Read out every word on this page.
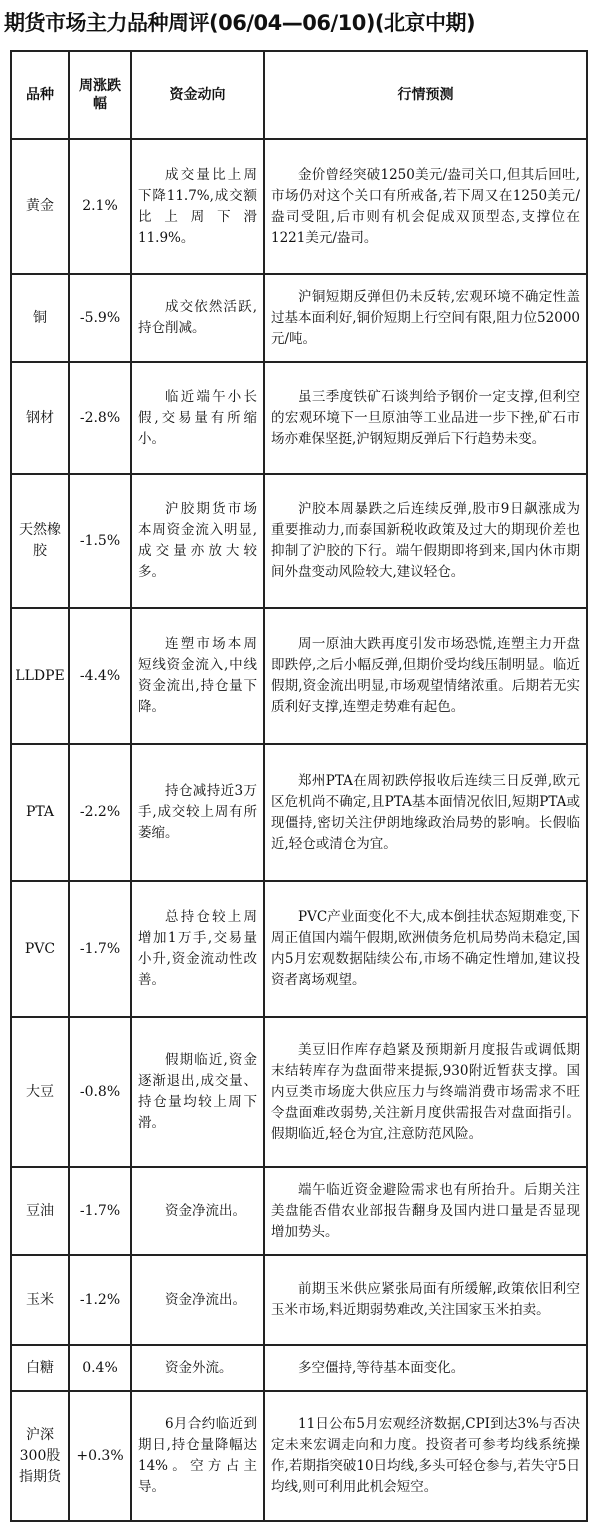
期货市场主力品种周评(06/04—06/10)(北京中期)
品种	周涨跌幅	资金动向	行情预测
黄金	2.1%	成交量比上周下降11.7%,成交额比上周下滑11.9%。	金价曾经突破1250美元/盎司关口,但其后回吐,市场仍对这个关口有所戒备,若下周又在1250美元/盎司受阻,后市则有机会促成双顶型态,支撑位在1221美元/盎司。
铜	-5.9%	成交依然活跃,持仓削减。	沪铜短期反弹但仍未反转,宏观环境不确定性盖过基本面利好,铜价短期上行空间有限,阻力位52000元/吨。
钢材	-2.8%	临近端午小长假,交易量有所缩小。	虽三季度铁矿石谈判给予钢价一定支撑,但利空的宏观环境下一旦原油等工业品进一步下挫,矿石市场亦难保坚挺,沪钢短期反弹后下行趋势未变。
天然橡胶	-1.5%	沪胶期货市场本周资金流入明显,成交量亦放大较多。	沪胶本周暴跌之后连续反弹,股市9日飙涨成为重要推动力,而泰国新税收政策及过大的期现价差也抑制了沪胶的下行。端午假期即将到来,国内休市期间外盘变动风险较大,建议轻仓。
LLDPE	-4.4%	连塑市场本周短线资金流入,中线资金流出,持仓量下降。	周一原油大跌再度引发市场恐慌,连塑主力开盘即跌停,之后小幅反弹,但期价受均线压制明显。临近假期,资金流出明显,市场观望情绪浓重。后期若无实质利好支撑,连塑走势难有起色。
PTA	-2.2%	持仓减持近3万手,成交较上周有所萎缩。	郑州PTA在周初跌停报收后连续三日反弹,欧元区危机尚不确定,且PTA基本面情况依旧,短期PTA或现僵持,密切关注伊朗地缘政治局势的影响。长假临近,轻仓或清仓为宜。
PVC	-1.7%	总持仓较上周增加1万手,交易量小升,资金流动性改善。	PVC产业面变化不大,成本倒挂状态短期难变,下周正值国内端午假期,欧洲债务危机局势尚未稳定,国内5月宏观数据陆续公布,市场不确定性增加,建议投资者离场观望。
大豆	-0.8%	假期临近,资金逐渐退出,成交量、持仓量均较上周下滑。	美豆旧作库存趋紧及预期新月度报告或调低期末结转库存为盘面带来提振,930附近暂获支撑。国内豆类市场庞大供应压力与终端消费市场需求不旺令盘面难改弱势,关注新月度供需报告对盘面指引。假期临近,轻仓为宜,注意防范风险。
豆油	-1.7%	资金净流出。	端午临近资金避险需求也有所抬升。后期关注美盘能否借农业部报告翻身及国内进口量是否显现增加势头。
玉米	-1.2%	资金净流出。	前期玉米供应紧张局面有所缓解,政策依旧利空玉米市场,料近期弱势难改,关注国家玉米拍卖。
白糖	0.4%	资金外流。	多空僵持,等待基本面变化。
沪深300股指期货	+0.3%	6月合约临近到期日,持仓量降幅达14%。空方占主导。	11日公布5月宏观经济数据,CPI到达3%与否决定未来宏调走向和力度。投资者可参考均线系统操作,若期指突破10日均线,多头可轻仓参与,若失守5日均线,则可利用此机会短空。
